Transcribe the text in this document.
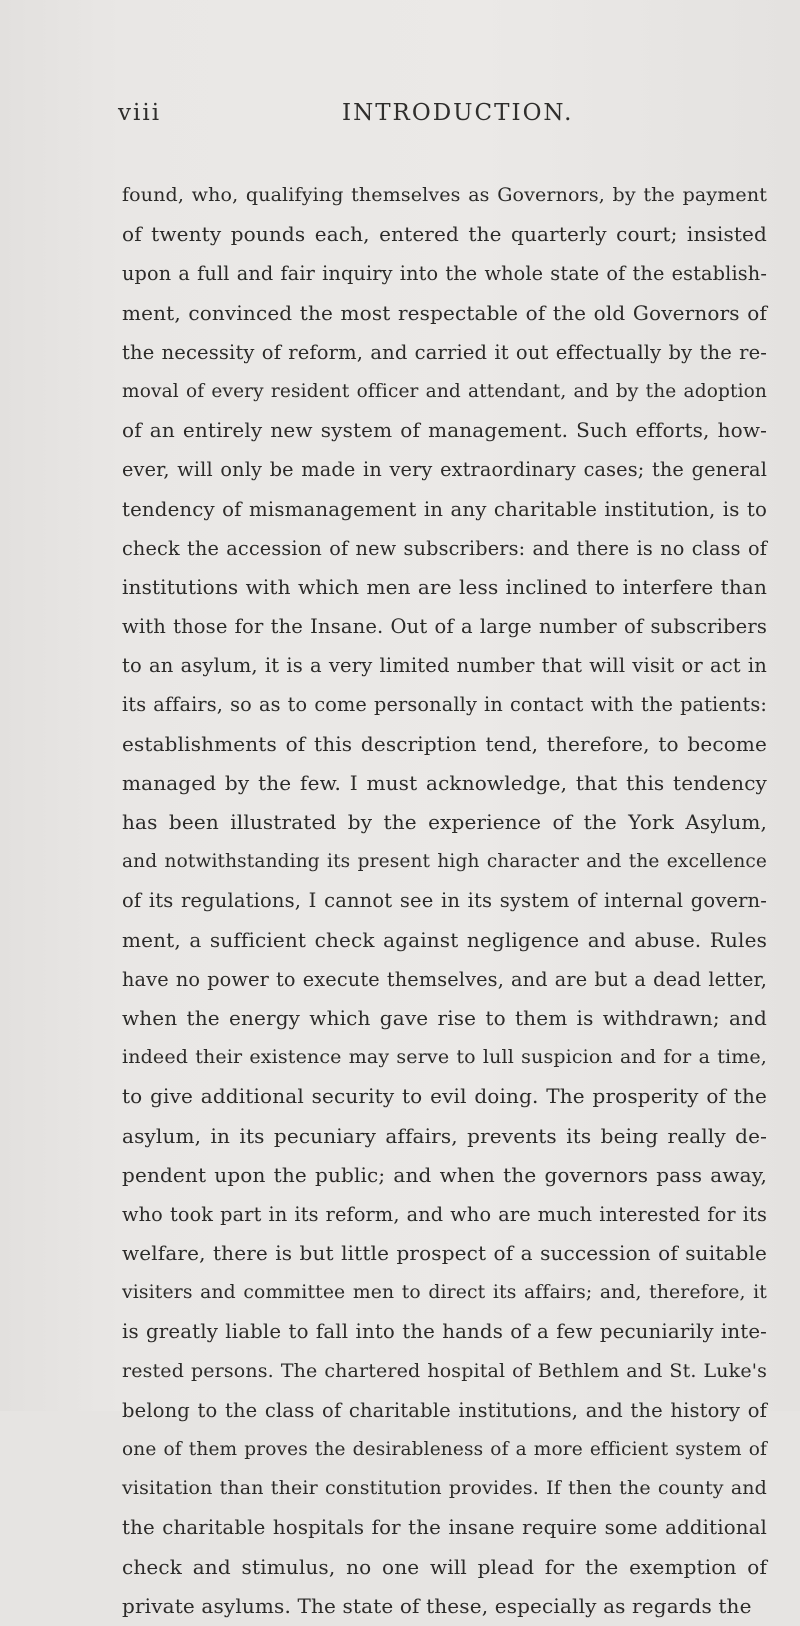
viii	INTRODUCTION.
found, who, qualifying themselves as Governors, by the payment
of twenty pounds each, entered the quarterly court; insisted
upon a full and fair inquiry into the whole state of the establish-
ment, convinced the most respectable of the old Governors of
the necessity of reform, and carried it out effectually by the re-
moval of every resident officer and attendant, and by the adoption
of an entirely new system of management. Such efforts, how-
ever, will only be made in very extraordinary cases; the general
tendency of mismanagement in any charitable institution, is to
check the accession of new subscribers: and there is no class of
institutions with which men are less inclined to interfere than
with those for the Insane. Out of a large number of subscribers
to an asylum, it is a very limited number that will visit or act in
its affairs, so as to come personally in contact with the patients:
establishments of this description tend, therefore, to become
managed by the few. I must acknowledge, that this tendency
has been illustrated by the experience of the York Asylum,
and notwithstanding its present high character and the excellence
of its regulations, I cannot see in its system of internal govern-
ment, a sufficient check against negligence and abuse. Rules
have no power to execute themselves, and are but a dead letter,
when the energy which gave rise to them is withdrawn; and
indeed their existence may serve to lull suspicion and for a time,
to give additional security to evil doing. The prosperity of the
asylum, in its pecuniary affairs, prevents its being really de-
pendent upon the public; and when the governors pass away,
who took part in its reform, and who are much interested for its
welfare, there is but little prospect of a succession of suitable
visiters and committee men to direct its affairs; and, therefore, it
is greatly liable to fall into the hands of a few pecuniarily inte-
rested persons. The chartered hospital of Bethlem and St. Luke's
belong to the class of charitable institutions, and the history of
one of them proves the desirableness of a more efficient system of
visitation than their constitution provides. If then the county and
the charitable hospitals for the insane require some additional
check and stimulus, no one will plead for the exemption of
private asylums. The state of these, especially as regards the
